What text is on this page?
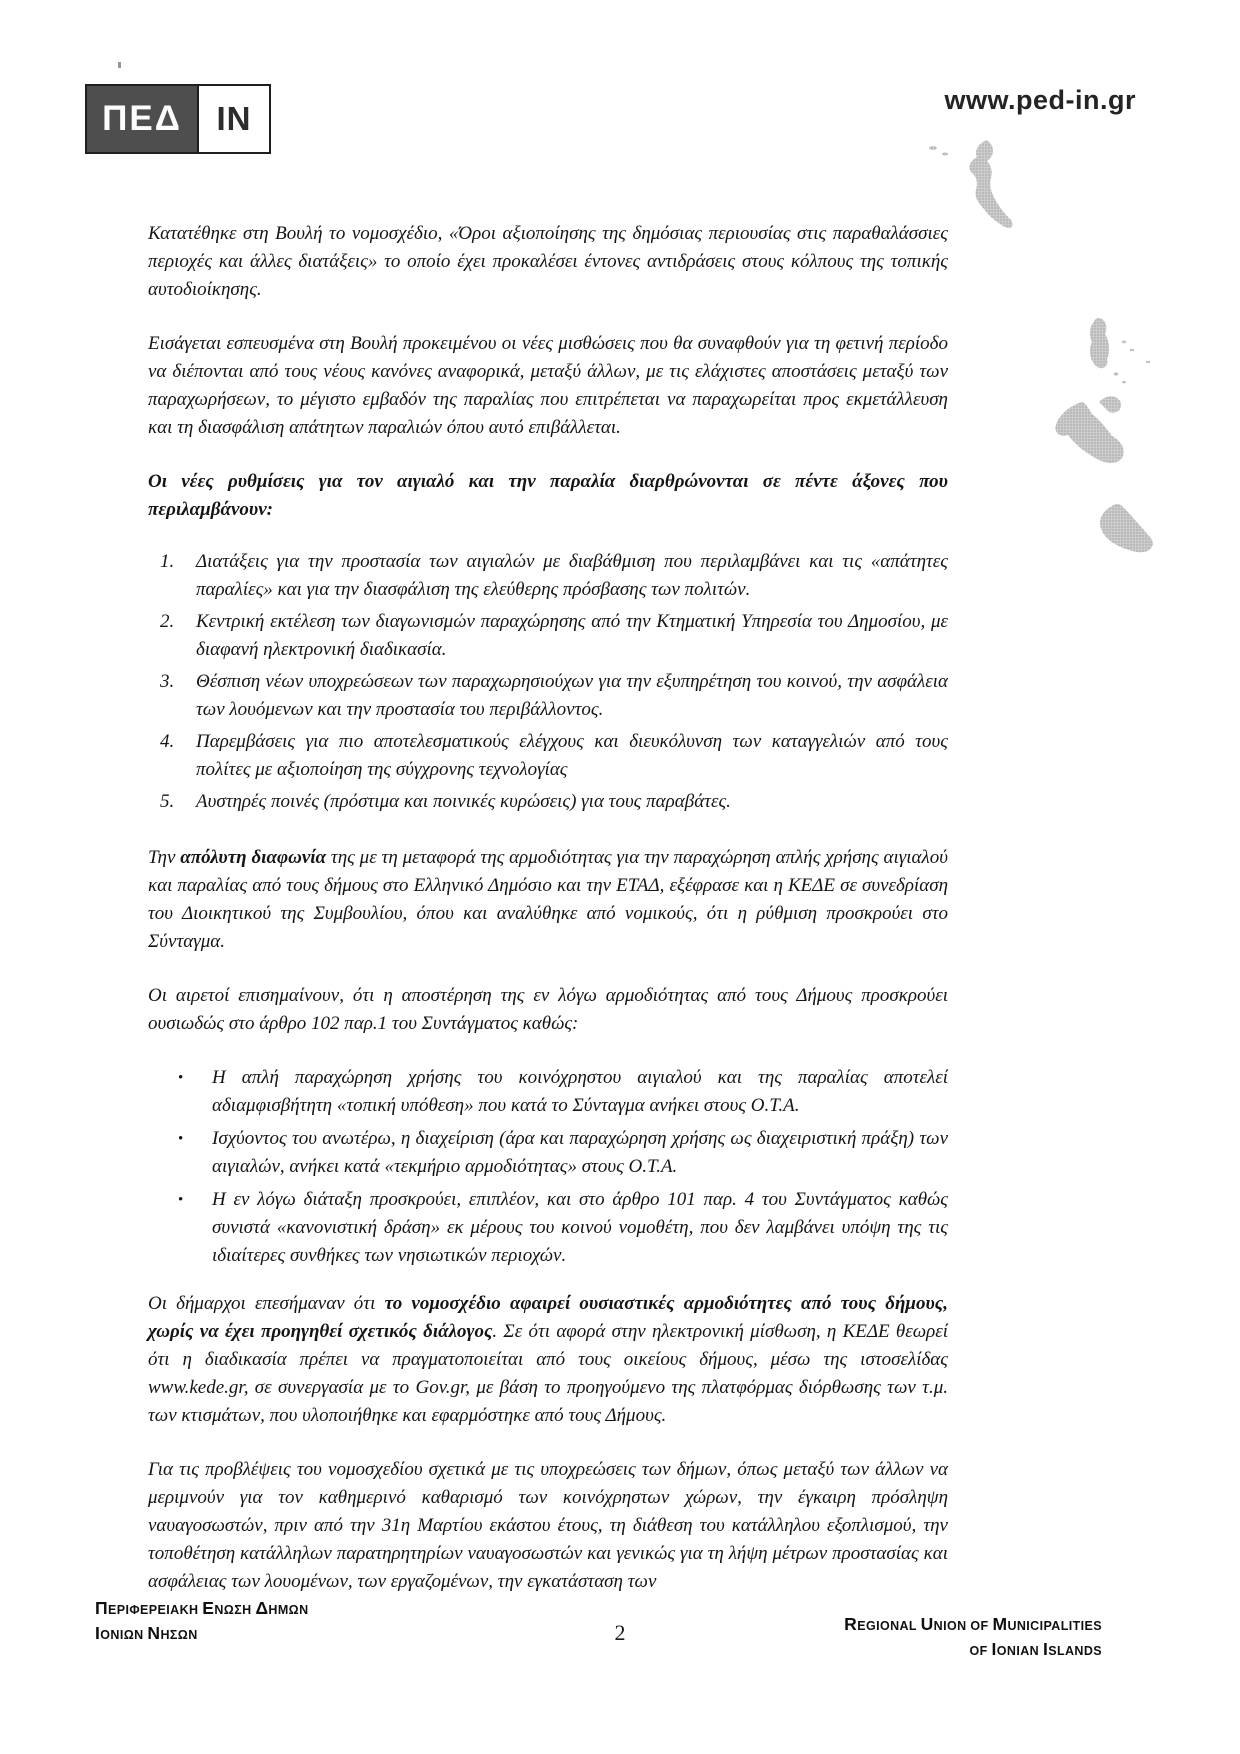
ΠΕΔ	IN	www.ped-in.gr

Κατατέθηκε στη Βουλή το νομοσχέδιο, «Όροι αξιοποίησης της δημόσιας περιουσίας στις παραθαλάσσιες περιοχές και άλλες διατάξεις» το οποίο έχει προκαλέσει έντονες αντιδράσεις στους κόλπους της τοπικής αυτοδιοίκησης.

Εισάγεται εσπευσμένα στη Βουλή προκειμένου οι νέες μισθώσεις που θα συναφθούν για τη φετινή περίοδο να διέπονται από τους νέους κανόνες αναφορικά, μεταξύ άλλων, με τις ελάχιστες αποστάσεις μεταξύ των παραχωρήσεων, το μέγιστο εμβαδόν της παραλίας που επιτρέπεται να παραχωρείται προς εκμετάλλευση και τη διασφάλιση απάτητων παραλιών όπου αυτό επιβάλλεται.

Οι νέες ρυθμίσεις για τον αιγιαλό και την παραλία διαρθρώνονται σε πέντε άξονες που περιλαμβάνουν:

1.	Διατάξεις για την προστασία των αιγιαλών με διαβάθμιση που περιλαμβάνει και τις «απάτητες παραλίες» και για την διασφάλιση της ελεύθερης πρόσβασης των πολιτών.
2.	Κεντρική εκτέλεση των διαγωνισμών παραχώρησης από την Κτηματική Υπηρεσία του Δημοσίου, με διαφανή ηλεκτρονική διαδικασία.
3.	Θέσπιση νέων υποχρεώσεων των παραχωρησιούχων για την εξυπηρέτηση του κοινού, την ασφάλεια των λουόμενων και την προστασία του περιβάλλοντος.
4.	Παρεμβάσεις για πιο αποτελεσματικούς ελέγχους και διευκόλυνση των καταγγελιών από τους πολίτες με αξιοποίηση της σύγχρονης τεχνολογίας
5.	Αυστηρές ποινές (πρόστιμα και ποινικές κυρώσεις) για τους παραβάτες.

Την απόλυτη διαφωνία της με τη μεταφορά της αρμοδιότητας για την παραχώρηση απλής χρήσης αιγιαλού και παραλίας από τους δήμους στο Ελληνικό Δημόσιο και την ΕΤΑΔ, εξέφρασε και η ΚΕΔΕ σε συνεδρίαση του Διοικητικού της Συμβουλίου, όπου και αναλύθηκε από νομικούς, ότι η ρύθμιση προσκρούει στο Σύνταγμα.

Οι αιρετοί επισημαίνουν, ότι η αποστέρηση της εν λόγω αρμοδιότητας από τους Δήμους προσκρούει ουσιωδώς στο άρθρο 102 παρ.1 του Συντάγματος καθώς:

•	Η απλή παραχώρηση χρήσης του κοινόχρηστου αιγιαλού και της παραλίας αποτελεί αδιαμφισβήτητη «τοπική υπόθεση» που κατά το Σύνταγμα ανήκει στους Ο.Τ.Α.
•	Ισχύοντος του ανωτέρω, η διαχείριση (άρα και παραχώρηση χρήσης ως διαχειριστική πράξη) των αιγιαλών, ανήκει κατά «τεκμήριο αρμοδιότητας» στους Ο.Τ.Α.
•	Η εν λόγω διάταξη προσκρούει, επιπλέον, και στο άρθρο 101 παρ. 4 του Συντάγματος καθώς συνιστά «κανονιστική δράση» εκ μέρους του κοινού νομοθέτη, που δεν λαμβάνει υπόψη της τις ιδιαίτερες συνθήκες των νησιωτικών περιοχών.

Οι δήμαρχοι επεσήμαναν ότι το νομοσχέδιο αφαιρεί ουσιαστικές αρμοδιότητες από τους δήμους, χωρίς να έχει προηγηθεί σχετικός διάλογος. Σε ότι αφορά στην ηλεκτρονική μίσθωση, η ΚΕΔΕ θεωρεί ότι η διαδικασία πρέπει να πραγματοποιείται από τους οικείους δήμους, μέσω της ιστοσελίδας www.kede.gr, σε συνεργασία με το Gov.gr, με βάση το προηγούμενο της πλατφόρμας διόρθωσης των τ.μ. των κτισμάτων, που υλοποιήθηκε και εφαρμόστηκε από τους Δήμους.

Για τις προβλέψεις του νομοσχεδίου σχετικά με τις υποχρεώσεις των δήμων, όπως μεταξύ των άλλων να μεριμνούν για τον καθημερινό καθαρισμό των κοινόχρηστων χώρων, την έγκαιρη πρόσληψη ναυαγοσωστών, πριν από την 31η Μαρτίου εκάστου έτους, τη διάθεση του κατάλληλου εξοπλισμού, την τοποθέτηση κατάλληλων παρατηρητηρίων ναυαγοσωστών και γενικώς για τη λήψη μέτρων προστασίας και ασφάλειας των λουομένων, των εργαζομένων, την εγκατάσταση των

ΠΕΡΙΦΕΡΕΙΑΚΗ ΕΝΩΣΗ ΔΗΜΩΝ
ΙΟΝΙΩΝ ΝΗΣΩΝ	2	REGIONAL UNION OF MUNICIPALITIES
OF IONIAN ISLANDS
